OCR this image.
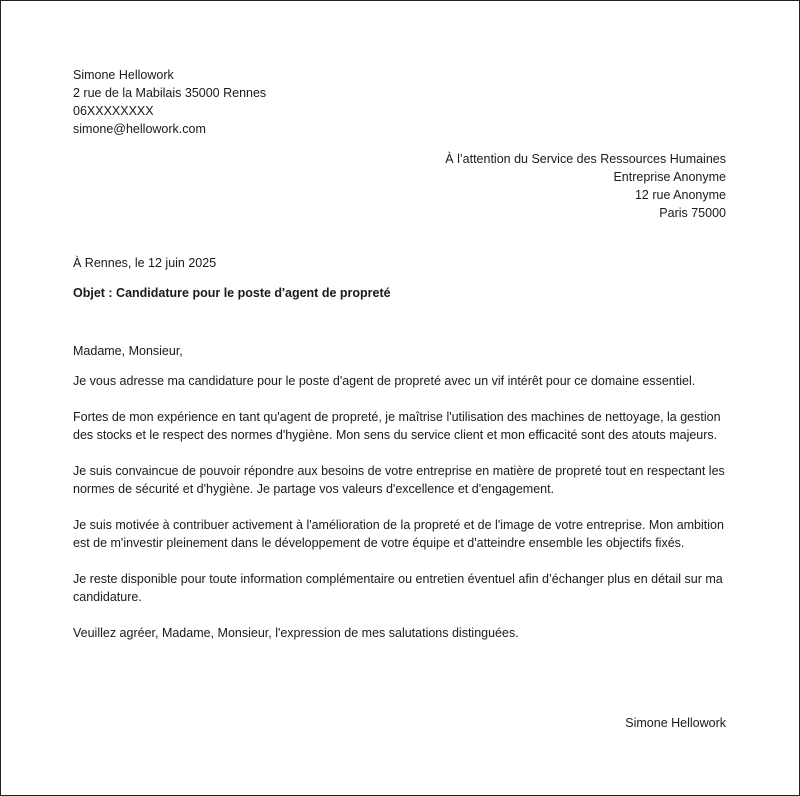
Simone Hellowork
2 rue de la Mabilais 35000 Rennes
06XXXXXXXX
simone@hellowork.com
À l’attention du Service des Ressources Humaines
Entreprise Anonyme
12 rue Anonyme
Paris 75000
À Rennes, le 12 juin 2025
Objet : Candidature pour le poste d'agent de propreté
Madame, Monsieur,

Je vous adresse ma candidature pour le poste d'agent de propreté avec un vif intérêt pour ce domaine essentiel.

Fortes de mon expérience en tant qu'agent de propreté, je maîtrise l'utilisation des machines de nettoyage, la gestion des stocks et le respect des normes d'hygiène. Mon sens du service client et mon efficacité sont des atouts majeurs.

Je suis convaincue de pouvoir répondre aux besoins de votre entreprise en matière de propreté tout en respectant les normes de sécurité et d'hygiène. Je partage vos valeurs d'excellence et d'engagement.

Je suis motivée à contribuer activement à l'amélioration de la propreté et de l'image de votre entreprise. Mon ambition est de m'investir pleinement dans le développement de votre équipe et d'atteindre ensemble les objectifs fixés.

Je reste disponible pour toute information complémentaire ou entretien éventuel afin d’échanger plus en détail sur ma candidature.

Veuillez agréer, Madame, Monsieur, l'expression de mes salutations distinguées.

Simone Hellowork
